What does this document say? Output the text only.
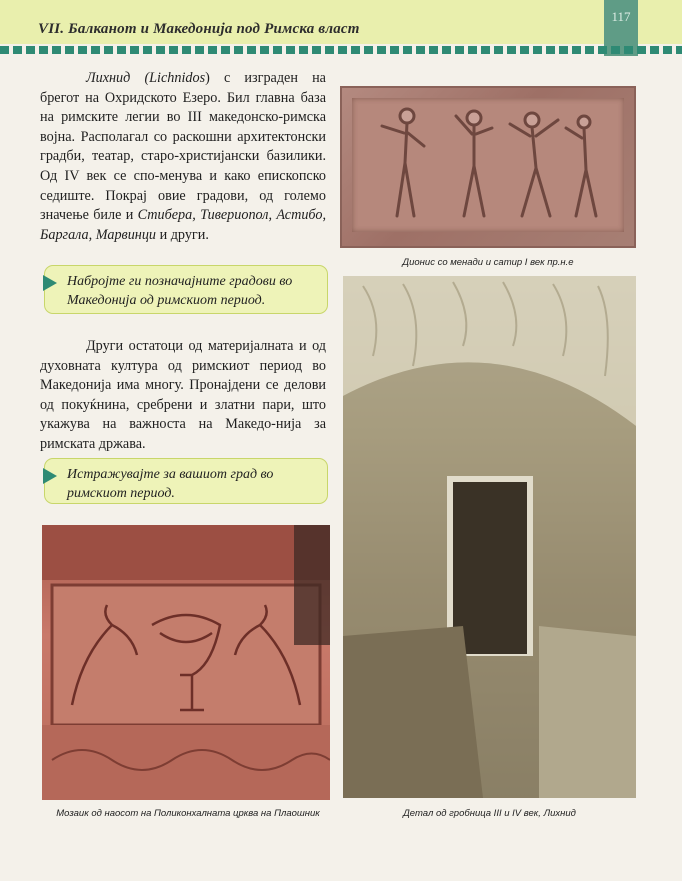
VII. Балканот и Македонија под Римска власт
117

Лихнид (Lichnidos) с изграден на брегот на Охридското Езеро. Бил главна база на римските легии во III македонско-римска војна. Располагал со раскошни архитектонски градби, театар, старо-христијански базилики. Од IV век се спо-менува и како епископско седиште. Покрај овие градови, од големо значење биле и Стибера, Тивериопол, Астибо, Баргала, Марвинци и други.

Набројте ги позначајните градови во Македонија од римскиот период.

Други остатоци од материјалната и од духовната култура од римскиот период во Македонија има многу. Пронајдени се делови од покуќнина, сребрени и златни пари, што укажува на важноста на Македо-нија за римската држава.

Истражувајте за вашиот град во римскиот период.

Дионис со менади и сатир I век пр.н.е

Детал од гробница III и IV век, Лихнид

Мозаик од наосот на Поликонхалната црква на Плаошник
